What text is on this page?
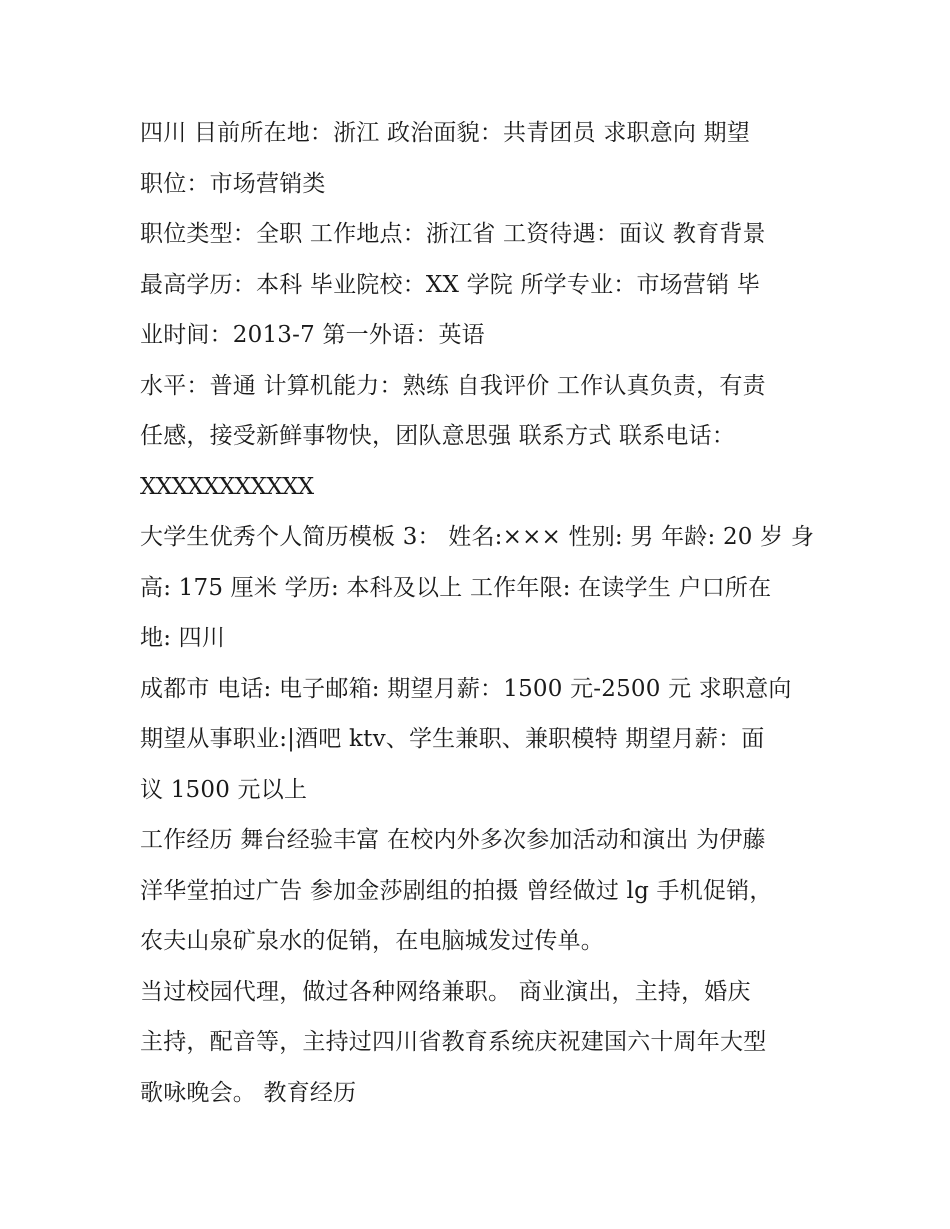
四川 目前所在地：浙江 政治面貌：共青团员 求职意向 期望
职位：市场营销类
职位类型：全职 工作地点：浙江省 工资待遇：面议 教育背景
最高学历：本科 毕业院校：XX 学院 所学专业：市场营销 毕
业时间：2013-7 第一外语：英语
水平：普通 计算机能力：熟练 自我评价 工作认真负责，有责
任感，接受新鲜事物快，团队意思强 联系方式 联系电话：
XXXXXXXXXXX
大学生优秀个人简历模板 3： 姓名:××× 性别: 男 年龄: 20 岁 身
高: 175 厘米 学历: 本科及以上 工作年限: 在读学生 户口所在
地: 四川
成都市 电话: 电子邮箱: 期望月薪：1500 元-2500 元 求职意向
期望从事职业:|酒吧 ktv、学生兼职、兼职模特 期望月薪：面
议 1500 元以上
工作经历 舞台经验丰富 在校内外多次参加活动和演出 为伊藤
洋华堂拍过广告 参加金莎剧组的拍摄 曾经做过 lg 手机促销，
农夫山泉矿泉水的促销，在电脑城发过传单。
当过校园代理，做过各种网络兼职。 商业演出，主持，婚庆
主持，配音等，主持过四川省教育系统庆祝建国六十周年大型
歌咏晚会。 教育经历
